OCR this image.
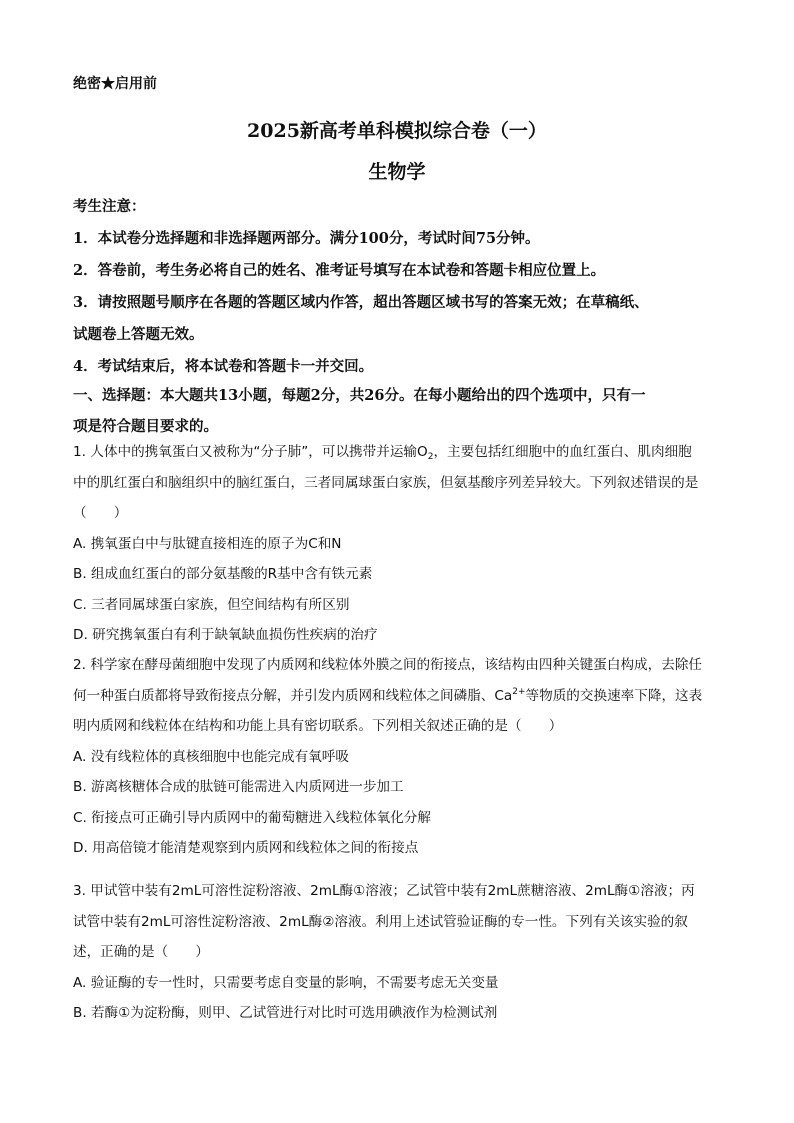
绝密★启用前
2025新高考单科模拟综合卷（一）
生物学

考生注意：

1．本试卷分选择题和非选择题两部分。满分100分，考试时间75分钟。

2．答卷前，考生务必将自己的姓名、准考证号填写在本试卷和答题卡相应位置上。

3．请按照题号顺序在各题的答题区域内作答，超出答题区域书写的答案无效；在草稿纸、

试题卷上答题无效。

4．考试结束后，将本试卷和答题卡一并交回。

一、选择题：本大题共13小题，每题2分，共26分。在每小题给出的四个选项中，只有一

项是符合题目要求的。

1. 人体中的携氧蛋白又被称为“分子肺”，可以携带并运输$O_2$，主要包括红细胞中的血红蛋白、肌肉细胞

中的肌红蛋白和脑组织中的脑红蛋白，三者同属球蛋白家族，但氨基酸序列差异较大。下列叙述错误的是

（　　）

A. 携氧蛋白中与肽键直接相连的原子为C和N

B. 组成血红蛋白的部分氨基酸的R基中含有铁元素

C. 三者同属球蛋白家族，但空间结构有所区别

D. 研究携氧蛋白有利于缺氧缺血损伤性疾病的治疗

2. 科学家在酵母菌细胞中发现了内质网和线粒体外膜之间的衔接点，该结构由四种关键蛋白构成，去除任

何一种蛋白质都将导致衔接点分解，并引发内质网和线粒体之间磷脂、$Ca^{2+}$等物质的交换速率下降，这表

明内质网和线粒体在结构和功能上具有密切联系。下列相关叙述正确的是（　　）

A. 没有线粒体的真核细胞中也能完成有氧呼吸

B. 游离核糖体合成的肽链可能需进入内质网进一步加工

C. 衔接点可正确引导内质网中的葡萄糖进入线粒体氧化分解

D. 用高倍镜才能清楚观察到内质网和线粒体之间的衔接点

3. 甲试管中装有2mL可溶性淀粉溶液、2mL酶①溶液；乙试管中装有2mL蔗糖溶液、2mL酶①溶液；丙

试管中装有2mL可溶性淀粉溶液、2mL酶②溶液。利用上述试管验证酶的专一性。下列有关该实验的叙

述，正确的是（　　）

A. 验证酶的专一性时，只需要考虑自变量的影响，不需要考虑无关变量

B. 若酶①为淀粉酶，则甲、乙试管进行对比时可选用碘液作为检测试剂
